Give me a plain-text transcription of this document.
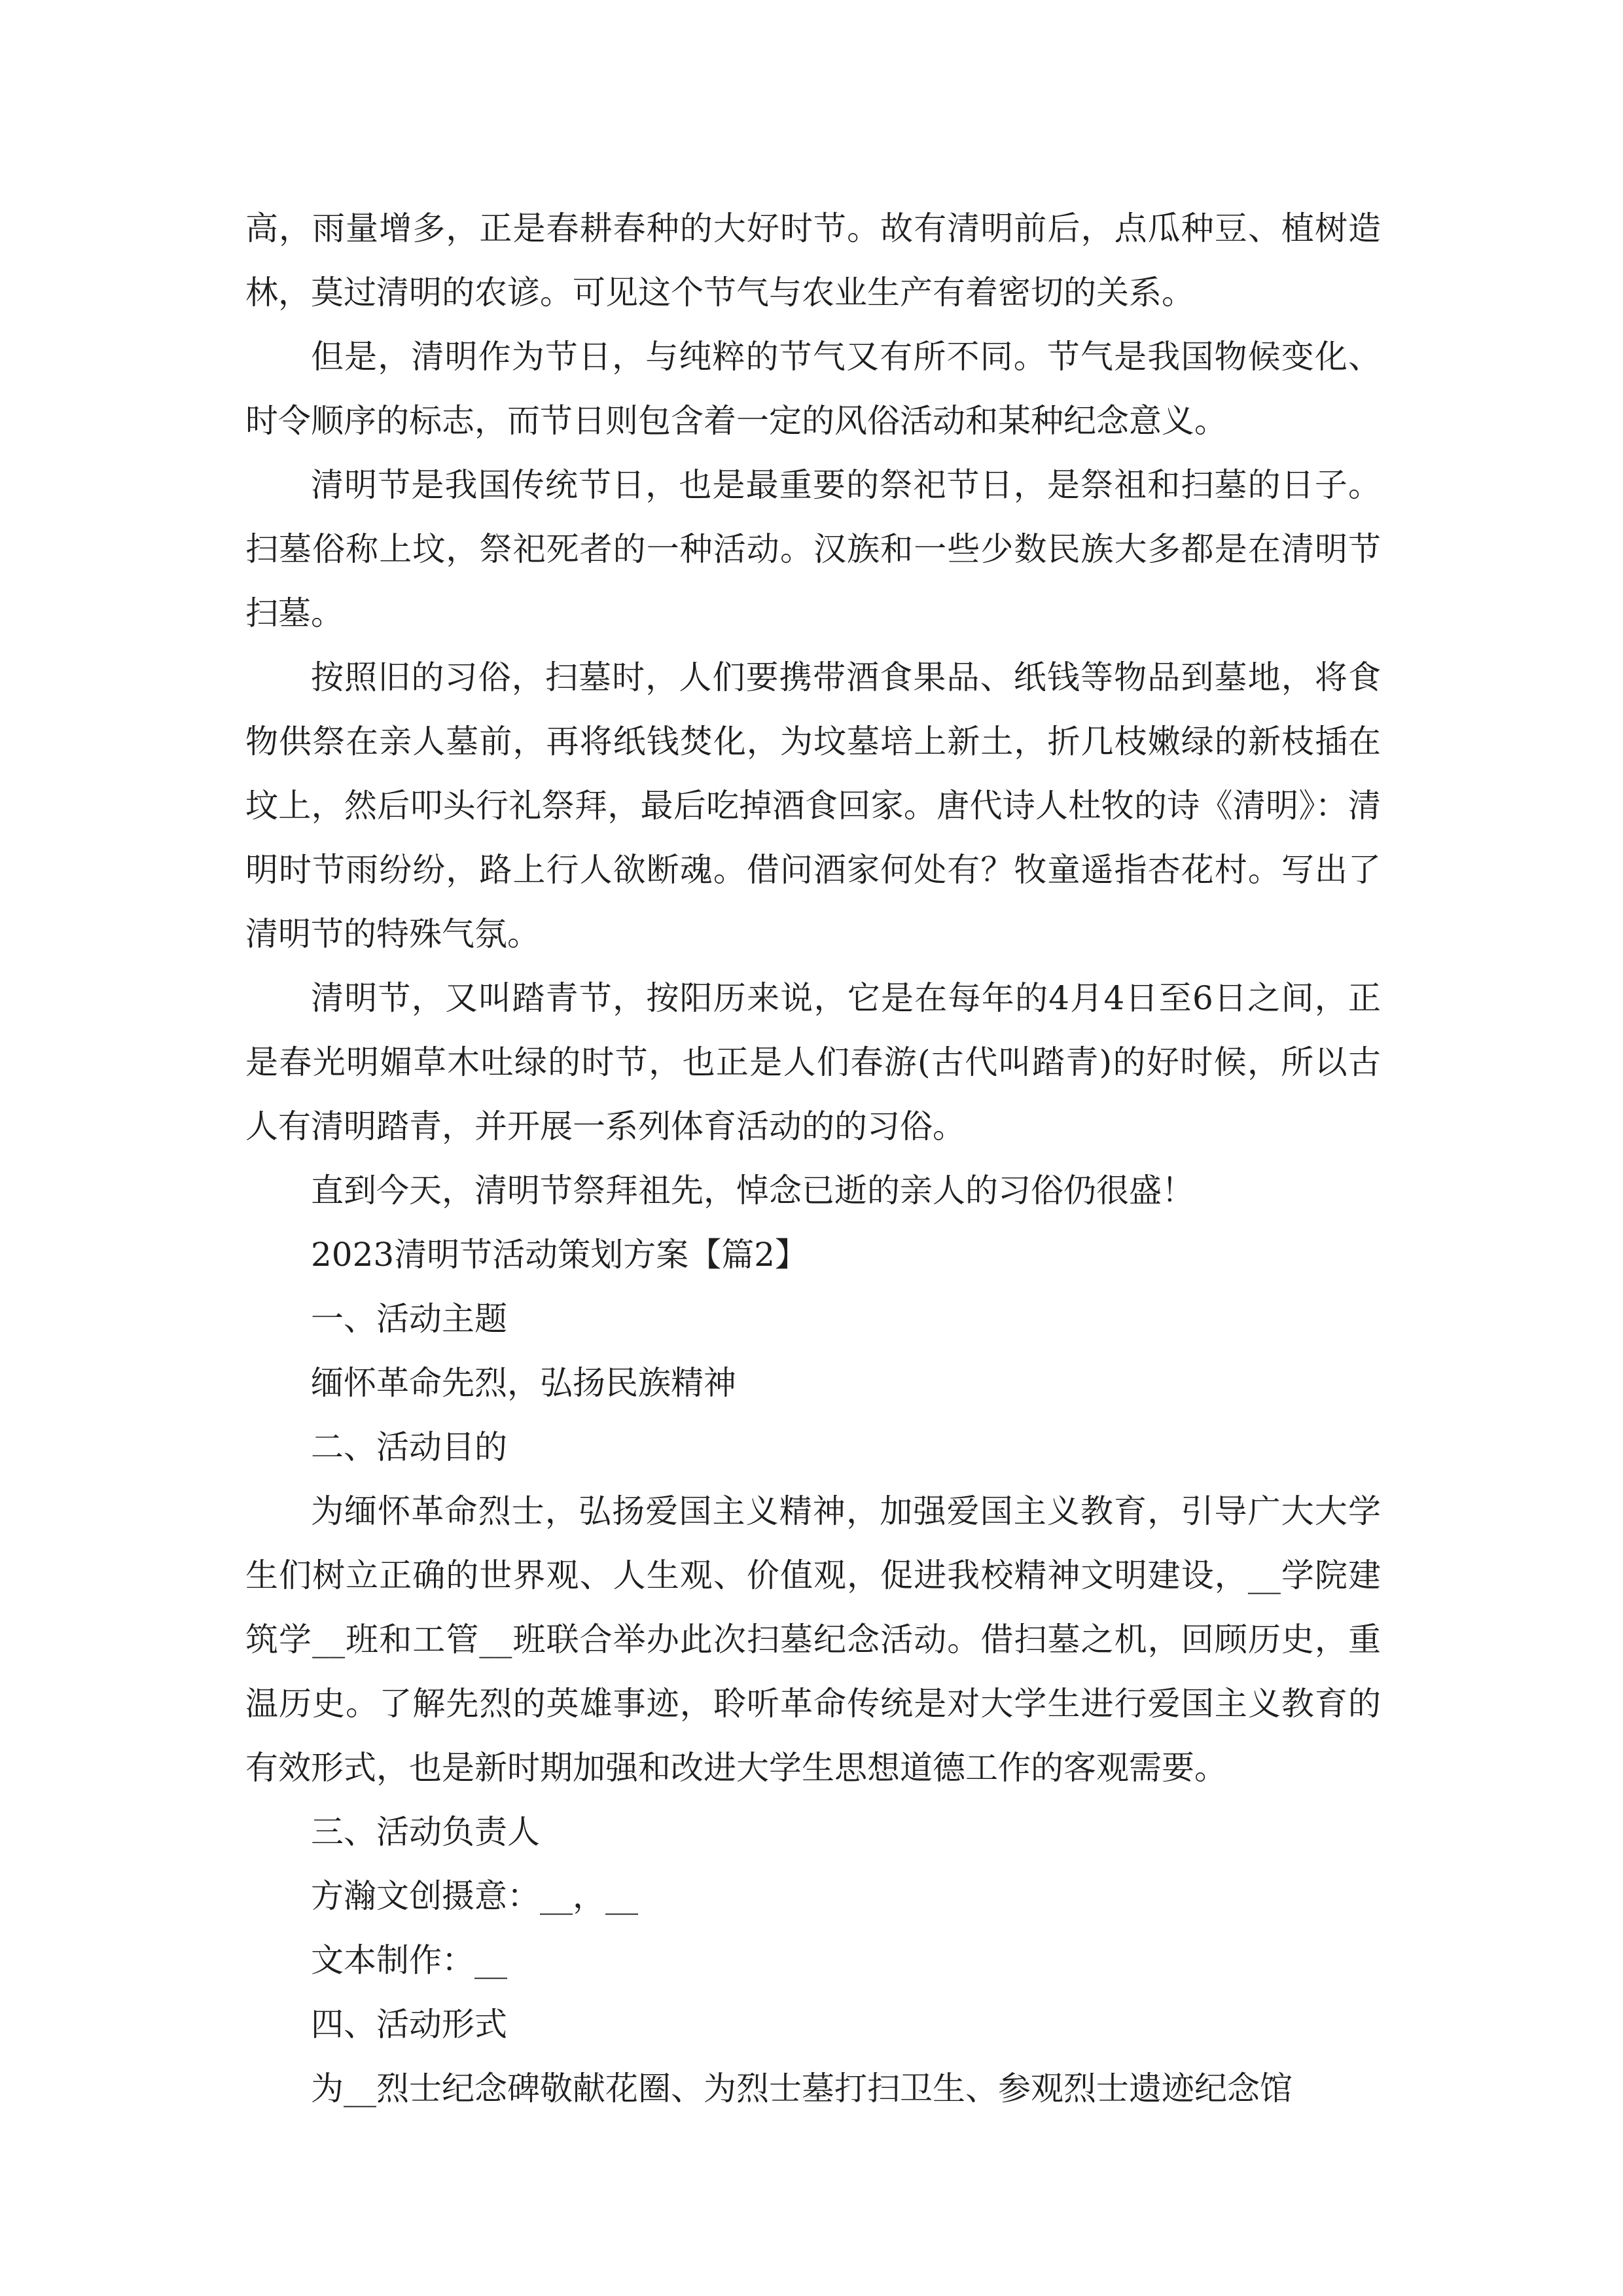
高，雨量增多，正是春耕春种的大好时节。故有清明前后，点瓜种豆、植树造林，莫过清明的农谚。可见这个节气与农业生产有着密切的关系。

但是，清明作为节日，与纯粹的节气又有所不同。节气是我国物候变化、时令顺序的标志，而节日则包含着一定的风俗活动和某种纪念意义。

清明节是我国传统节日，也是最重要的祭祀节日，是祭祖和扫墓的日子。扫墓俗称上坟，祭祀死者的一种活动。汉族和一些少数民族大多都是在清明节扫墓。

按照旧的习俗，扫墓时，人们要携带酒食果品、纸钱等物品到墓地，将食物供祭在亲人墓前，再将纸钱焚化，为坟墓培上新土，折几枝嫩绿的新枝插在坟上，然后叩头行礼祭拜，最后吃掉酒食回家。唐代诗人杜牧的诗《清明》：清明时节雨纷纷，路上行人欲断魂。借问酒家何处有？牧童遥指杏花村。写出了清明节的特殊气氛。

清明节，又叫踏青节，按阳历来说，它是在每年的4月4日至6日之间，正是春光明媚草木吐绿的时节，也正是人们春游(古代叫踏青)的好时候，所以古人有清明踏青，并开展一系列体育活动的的习俗。

直到今天，清明节祭拜祖先，悼念已逝的亲人的习俗仍很盛！

2023清明节活动策划方案【篇2】

一、活动主题

缅怀革命先烈，弘扬民族精神

二、活动目的

为缅怀革命烈士，弘扬爱国主义精神，加强爱国主义教育，引导广大大学生们树立正确的世界观、人生观、价值观，促进我校精神文明建设，__学院建筑学__班和工管__班联合举办此次扫墓纪念活动。借扫墓之机，回顾历史，重温历史。了解先烈的英雄事迹，聆听革命传统是对大学生进行爱国主义教育的有效形式，也是新时期加强和改进大学生思想道德工作的客观需要。

三、活动负责人

方瀚文创摄意：__，__

文本制作：__

四、活动形式

为__烈士纪念碑敬献花圈、为烈士墓打扫卫生、参观烈士遗迹纪念馆
